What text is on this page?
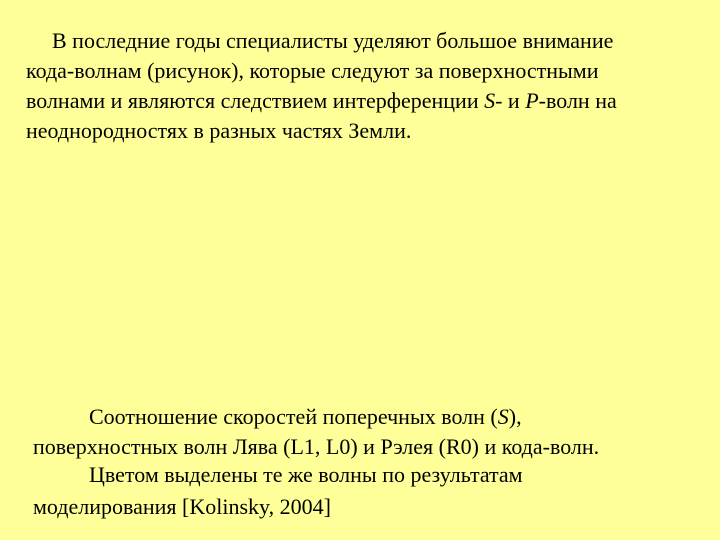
В последние годы специалисты уделяют большое внимание
кода-волнам (рисунок), которые следуют за поверхностными
волнами и являются следствием интерференции S- и P-волн на
неоднородностях в разных частях Земли.

Соотношение скоростей поперечных волн (S),
поверхностных волн Лява (L1, L0) и Рэлея (R0) и кода-волн.
Цветом выделены те же волны по результатам
моделирования [Kolinsky, 2004]
